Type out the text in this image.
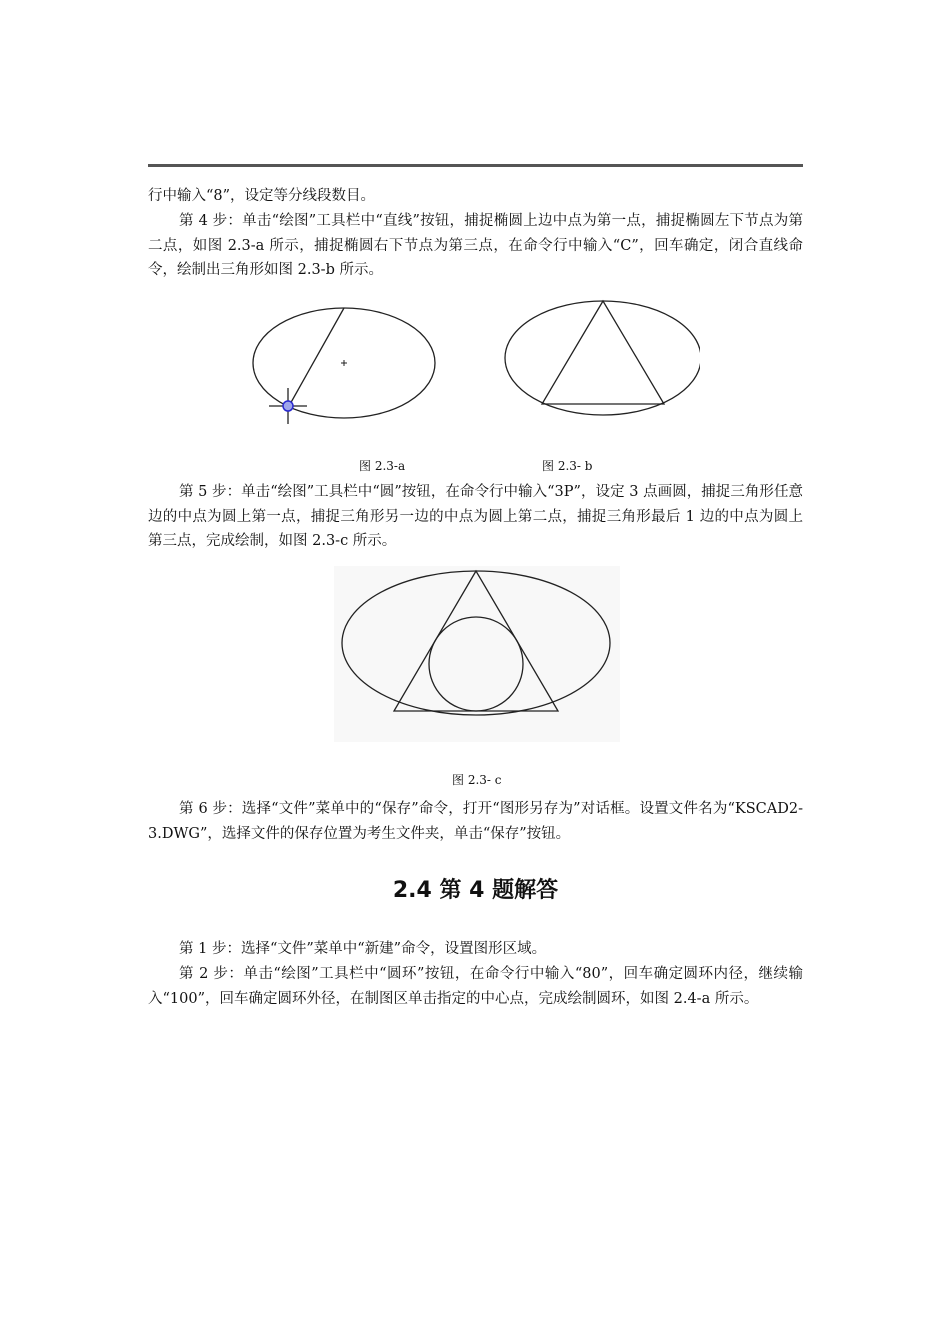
行中输入“8”，设定等分线段数目。

第 4 步：单击“绘图”工具栏中“直线”按钮，捕捉椭圆上边中点为第一点，捕捉椭圆左下节点为第二点，如图 2.3-a 所示，捕捉椭圆右下节点为第三点，在命令行中输入“C”，回车确定，闭合直线命令，绘制出三角形如图 2.3-b 所示。

图 2.3-a	图 2.3- b

第 5 步：单击“绘图”工具栏中“圆”按钮，在命令行中输入“3P”，设定 3 点画圆，捕捉三角形任意边的中点为圆上第一点，捕捉三角形另一边的中点为圆上第二点，捕捉三角形最后 1 边的中点为圆上第三点，完成绘制，如图 2.3-c 所示。

图 2.3- c

第 6 步：选择“文件”菜单中的“保存”命令，打开“图形另存为”对话框。设置文件名为“KSCAD2-3.DWG”，选择文件的保存位置为考生文件夹，单击“保存”按钮。

2.4 第 4 题解答

第 1 步：选择“文件”菜单中“新建”命令，设置图形区域。

第 2 步：单击“绘图”工具栏中“圆环”按钮，在命令行中输入“80”，回车确定圆环内径，继续输入“100”，回车确定圆环外径，在制图区单击指定的中心点，完成绘制圆环，如图 2.4-a 所示。
